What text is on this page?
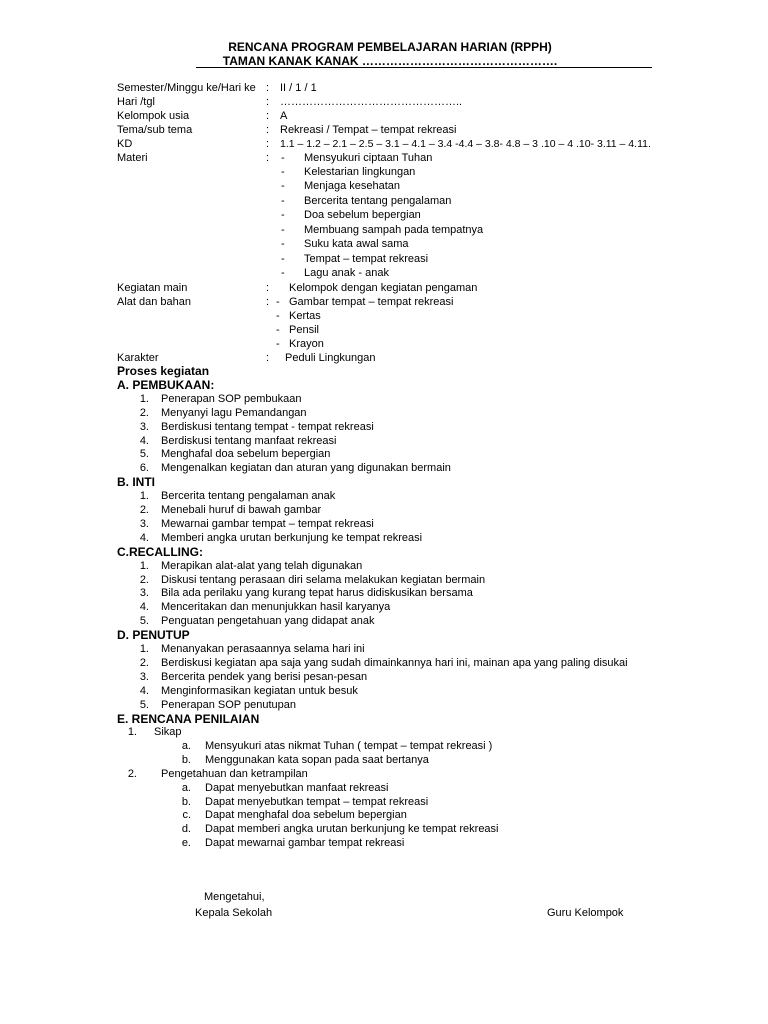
RENCANA PROGRAM PEMBELAJARAN HARIAN (RPPH)
TAMAN KANAK KANAK ………………………………………….
Semester/Minggu ke/Hari ke : II / 1 / 1
Hari /tgl	: …………………………………………..
Kelompok usia	: A
Tema/sub tema	: Rekreasi / Tempat – tempat rekreasi
KD	: 1.1 – 1.2 – 2.1 – 2.5 – 3.1 – 4.1 – 3.4 -4.4 – 3.8- 4.8 – 3 .10 – 4 .10- 3.11 – 4.11.
Materi	: - Mensyukuri ciptaan Tuhan
- Kelestarian lingkungan
- Menjaga kesehatan
- Bercerita tentang pengalaman
- Doa sebelum bepergian
- Membuang sampah pada tempatnya
- Suku kata awal sama
- Tempat – tempat rekreasi
- Lagu anak - anak
Kegiatan main	: Kelompok dengan kegiatan pengaman
Alat dan bahan	: - Gambar tempat – tempat rekreasi
- Kertas
- Pensil
- Krayon
Karakter	: Peduli Lingkungan
Proses kegiatan
A. PEMBUKAAN:
1. Penerapan SOP pembukaan
2. Menyanyi lagu Pemandangan
3. Berdiskusi tentang tempat - tempat rekreasi
4. Berdiskusi tentang manfaat rekreasi
5. Menghafal doa sebelum bepergian
6. Mengenalkan kegiatan dan aturan yang digunakan bermain
B. INTI
1. Bercerita tentang pengalaman anak
2. Menebali huruf di bawah gambar
3. Mewarnai gambar tempat – tempat rekreasi
4. Memberi angka urutan berkunjung ke tempat rekreasi
C.RECALLING:
1. Merapikan alat-alat yang telah digunakan
2. Diskusi tentang perasaan diri selama melakukan kegiatan bermain
3. Bila ada perilaku yang kurang tepat harus didiskusikan bersama
4. Menceritakan dan menunjukkan hasil karyanya
5. Penguatan pengetahuan yang didapat anak
D. PENUTUP
1. Menanyakan perasaannya selama hari ini
2. Berdiskusi kegiatan apa saja yang sudah dimainkannya hari ini, mainan apa yang paling disukai
3. Bercerita pendek yang berisi pesan-pesan
4. Menginformasikan kegiatan untuk besuk
5. Penerapan SOP penutupan
E. RENCANA PENILAIAN
1. Sikap
a. Mensyukuri atas nikmat Tuhan ( tempat – tempat rekreasi )
b. Menggunakan kata sopan pada saat bertanya
2. Pengetahuan dan ketrampilan
a. Dapat menyebutkan manfaat rekreasi
b. Dapat menyebutkan tempat – tempat rekreasi
c. Dapat menghafal doa sebelum bepergian
d. Dapat memberi angka urutan berkunjung ke tempat rekreasi
e. Dapat mewarnai gambar tempat rekreasi
Mengetahui,
Kepala Sekolah	Guru Kelompok
